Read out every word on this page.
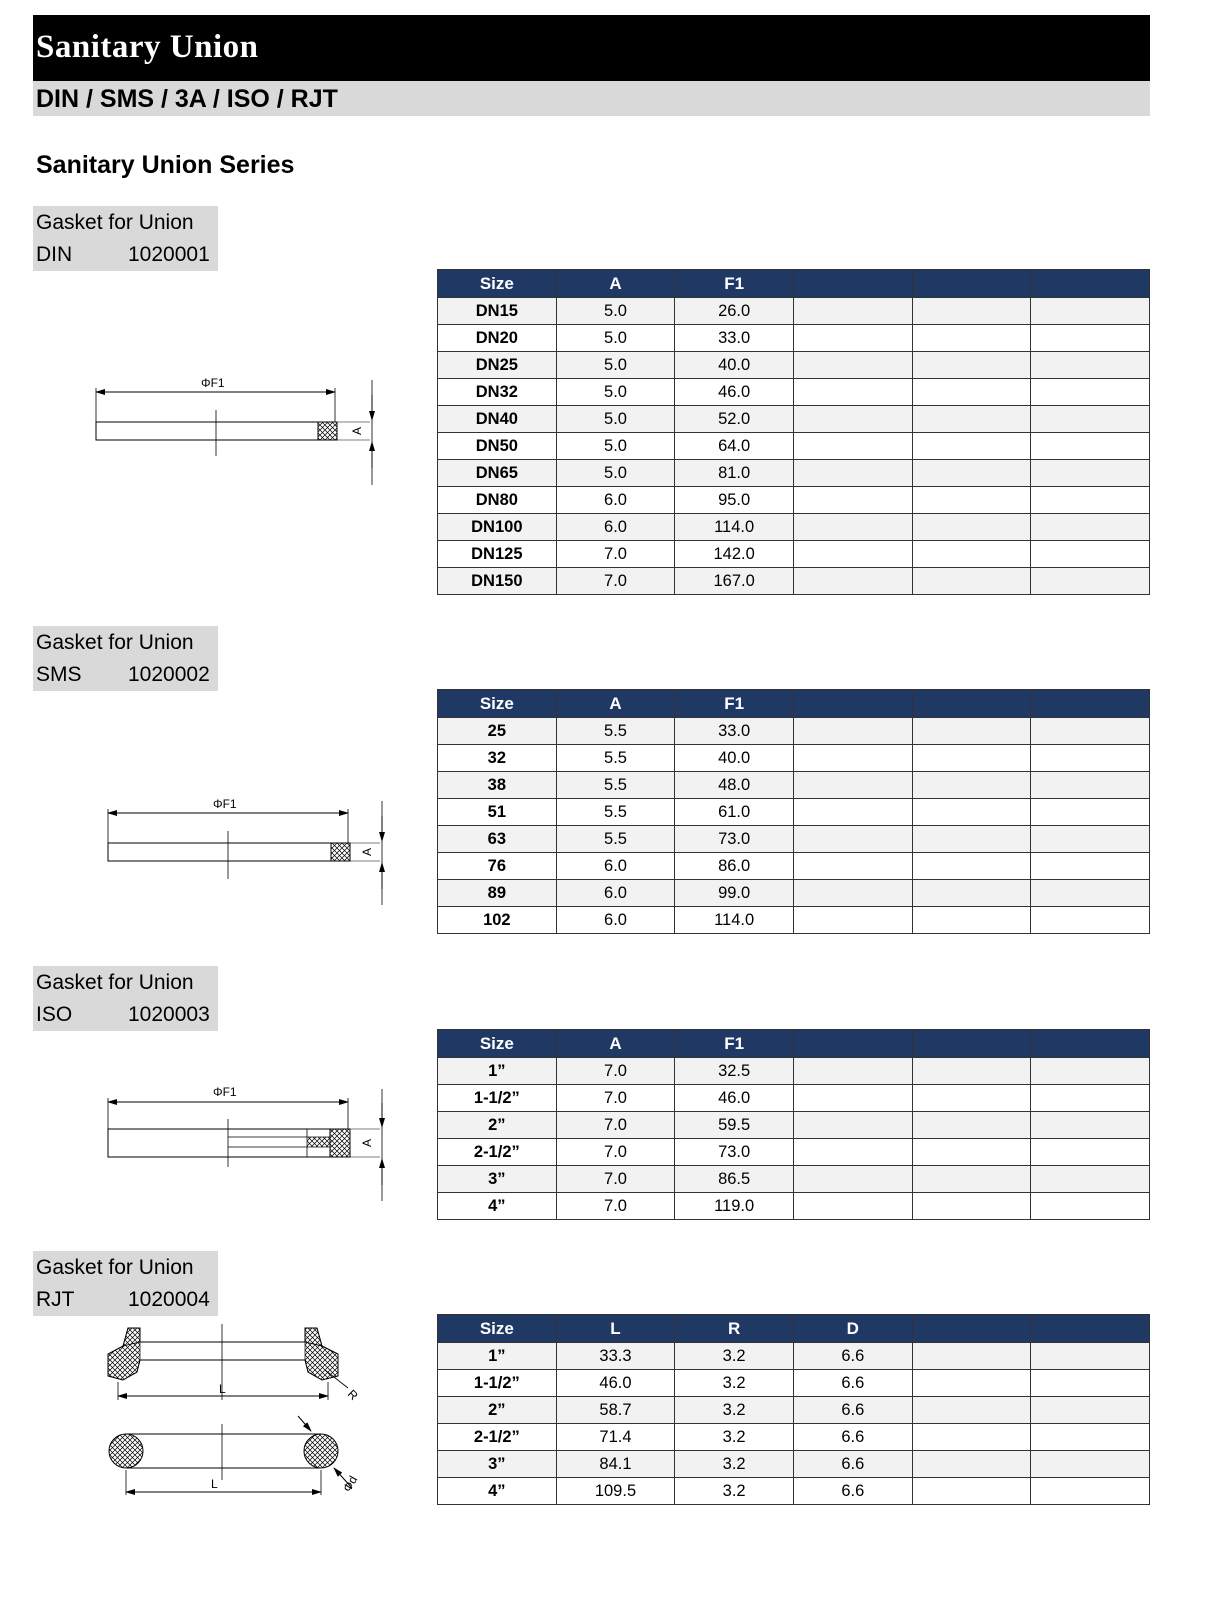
Sanitary Union
DIN / SMS / 3A / ISO / RJT
Sanitary Union Series
Gasket for Union
DIN	1020001
Gasket for Union
SMS 1020002
Gasket for Union
ISO	1020003
Gasket for Union
RJT	1020004
Size	A	F1			
DN15	5.0	26.0			
DN20	5.0	33.0			
DN25	5.0	40.0			
DN32	5.0	46.0			
DN40	5.0	52.0			
DN50	5.0	64.0			
DN65	5.0	81.0			
DN80	6.0	95.0			
DN100	6.0	114.0			
DN125	7.0	142.0			
DN150	7.0	167.0			
Size	A	F1			
25	5.5	33.0			
32	5.5	40.0			
38	5.5	48.0			
51	5.5	61.0			
63	5.5	73.0			
76	6.0	86.0			
89	6.0	99.0			
102	6.0	114.0			
Size	A	F1			
1”	7.0	32.5			
1-1/2”	7.0	46.0			
2”	7.0	59.5			
2-1/2”	7.0	73.0			
3”	7.0	86.5			
4”	7.0	119.0			
Size	L	R	D		
1”	33.3	3.2	6.6		
1-1/2”	46.0	3.2	6.6		
2”	58.7	3.2	6.6		
2-1/2”	71.4	3.2	6.6		
3”	84.1	3.2	6.6		
4”	109.5	3.2	6.6		
ΦF1
A
ΦF1
A
ΦF1
A
L	R
L	Φd
